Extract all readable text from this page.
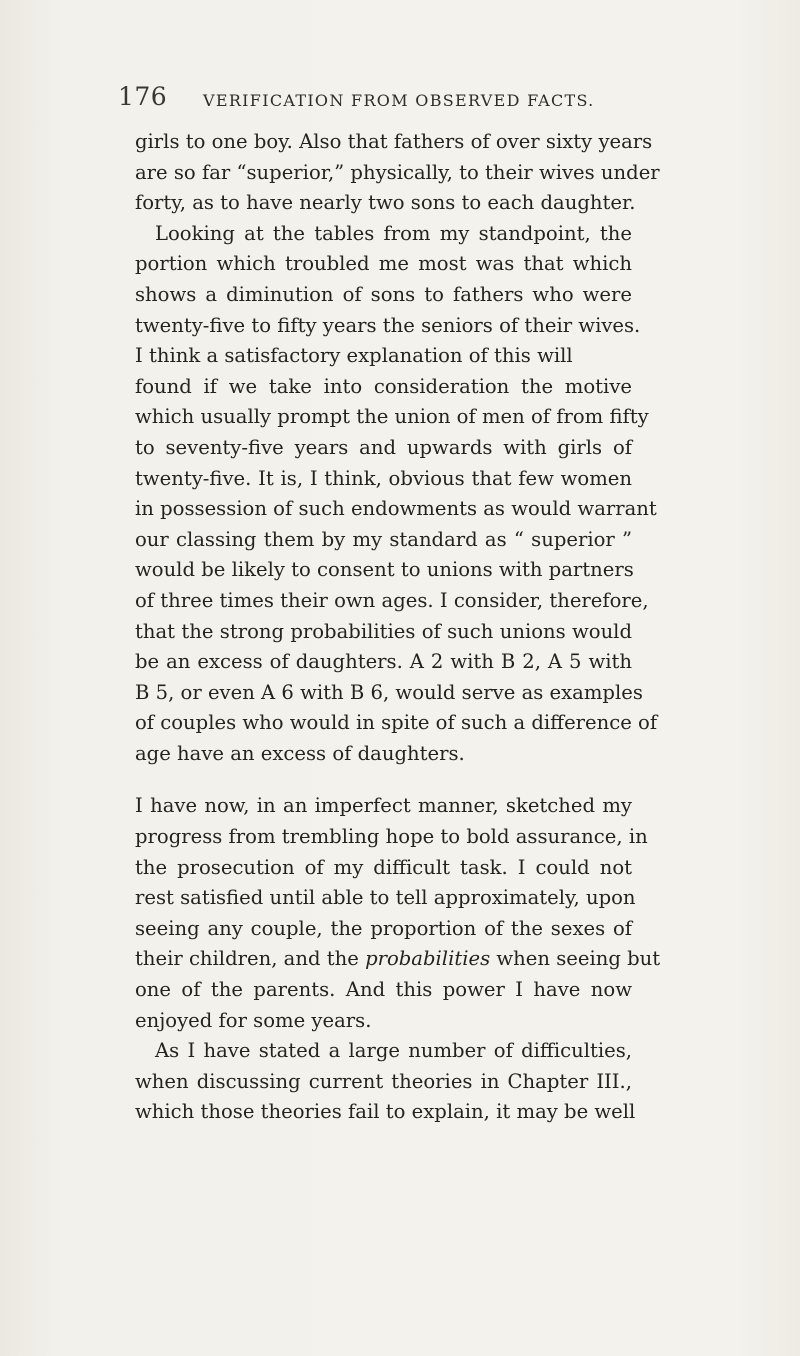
176 VERIFICATION FROM OBSERVED FACTS.

girls to one boy. Also that fathers of over sixty years
are so far “superior,” physically, to their wives under
forty, as to have nearly two sons to each daughter.

Looking at the tables from my standpoint, the
portion which troubled me most was that which
shows a diminution of sons to fathers who were
twenty-five to fifty years the seniors of their wives.
I think a satisfactory explanation of this will
found if we take into consideration the motive
which usually prompt the union of men of from fifty
to seventy-five years and upwards with girls of
twenty-five. It is, I think, obvious that few women
in possession of such endowments as would warrant
our classing them by my standard as “ superior ”
would be likely to consent to unions with partners
of three times their own ages. I consider, therefore,
that the strong probabilities of such unions would
be an excess of daughters. A 2 with B 2, A 5 with
B 5, or even A 6 with B 6, would serve as examples
of couples who would in spite of such a difference of
age have an excess of daughters.

I have now, in an imperfect manner, sketched my
progress from trembling hope to bold assurance, in
the prosecution of my difficult task. I could not
rest satisfied until able to tell approximately, upon
seeing any couple, the proportion of the sexes of
their children, and the probabilities when seeing but
one of the parents. And this power I have now
enjoyed for some years.

As I have stated a large number of difficulties,
when discussing current theories in Chapter III.,
which those theories fail to explain, it may be well
